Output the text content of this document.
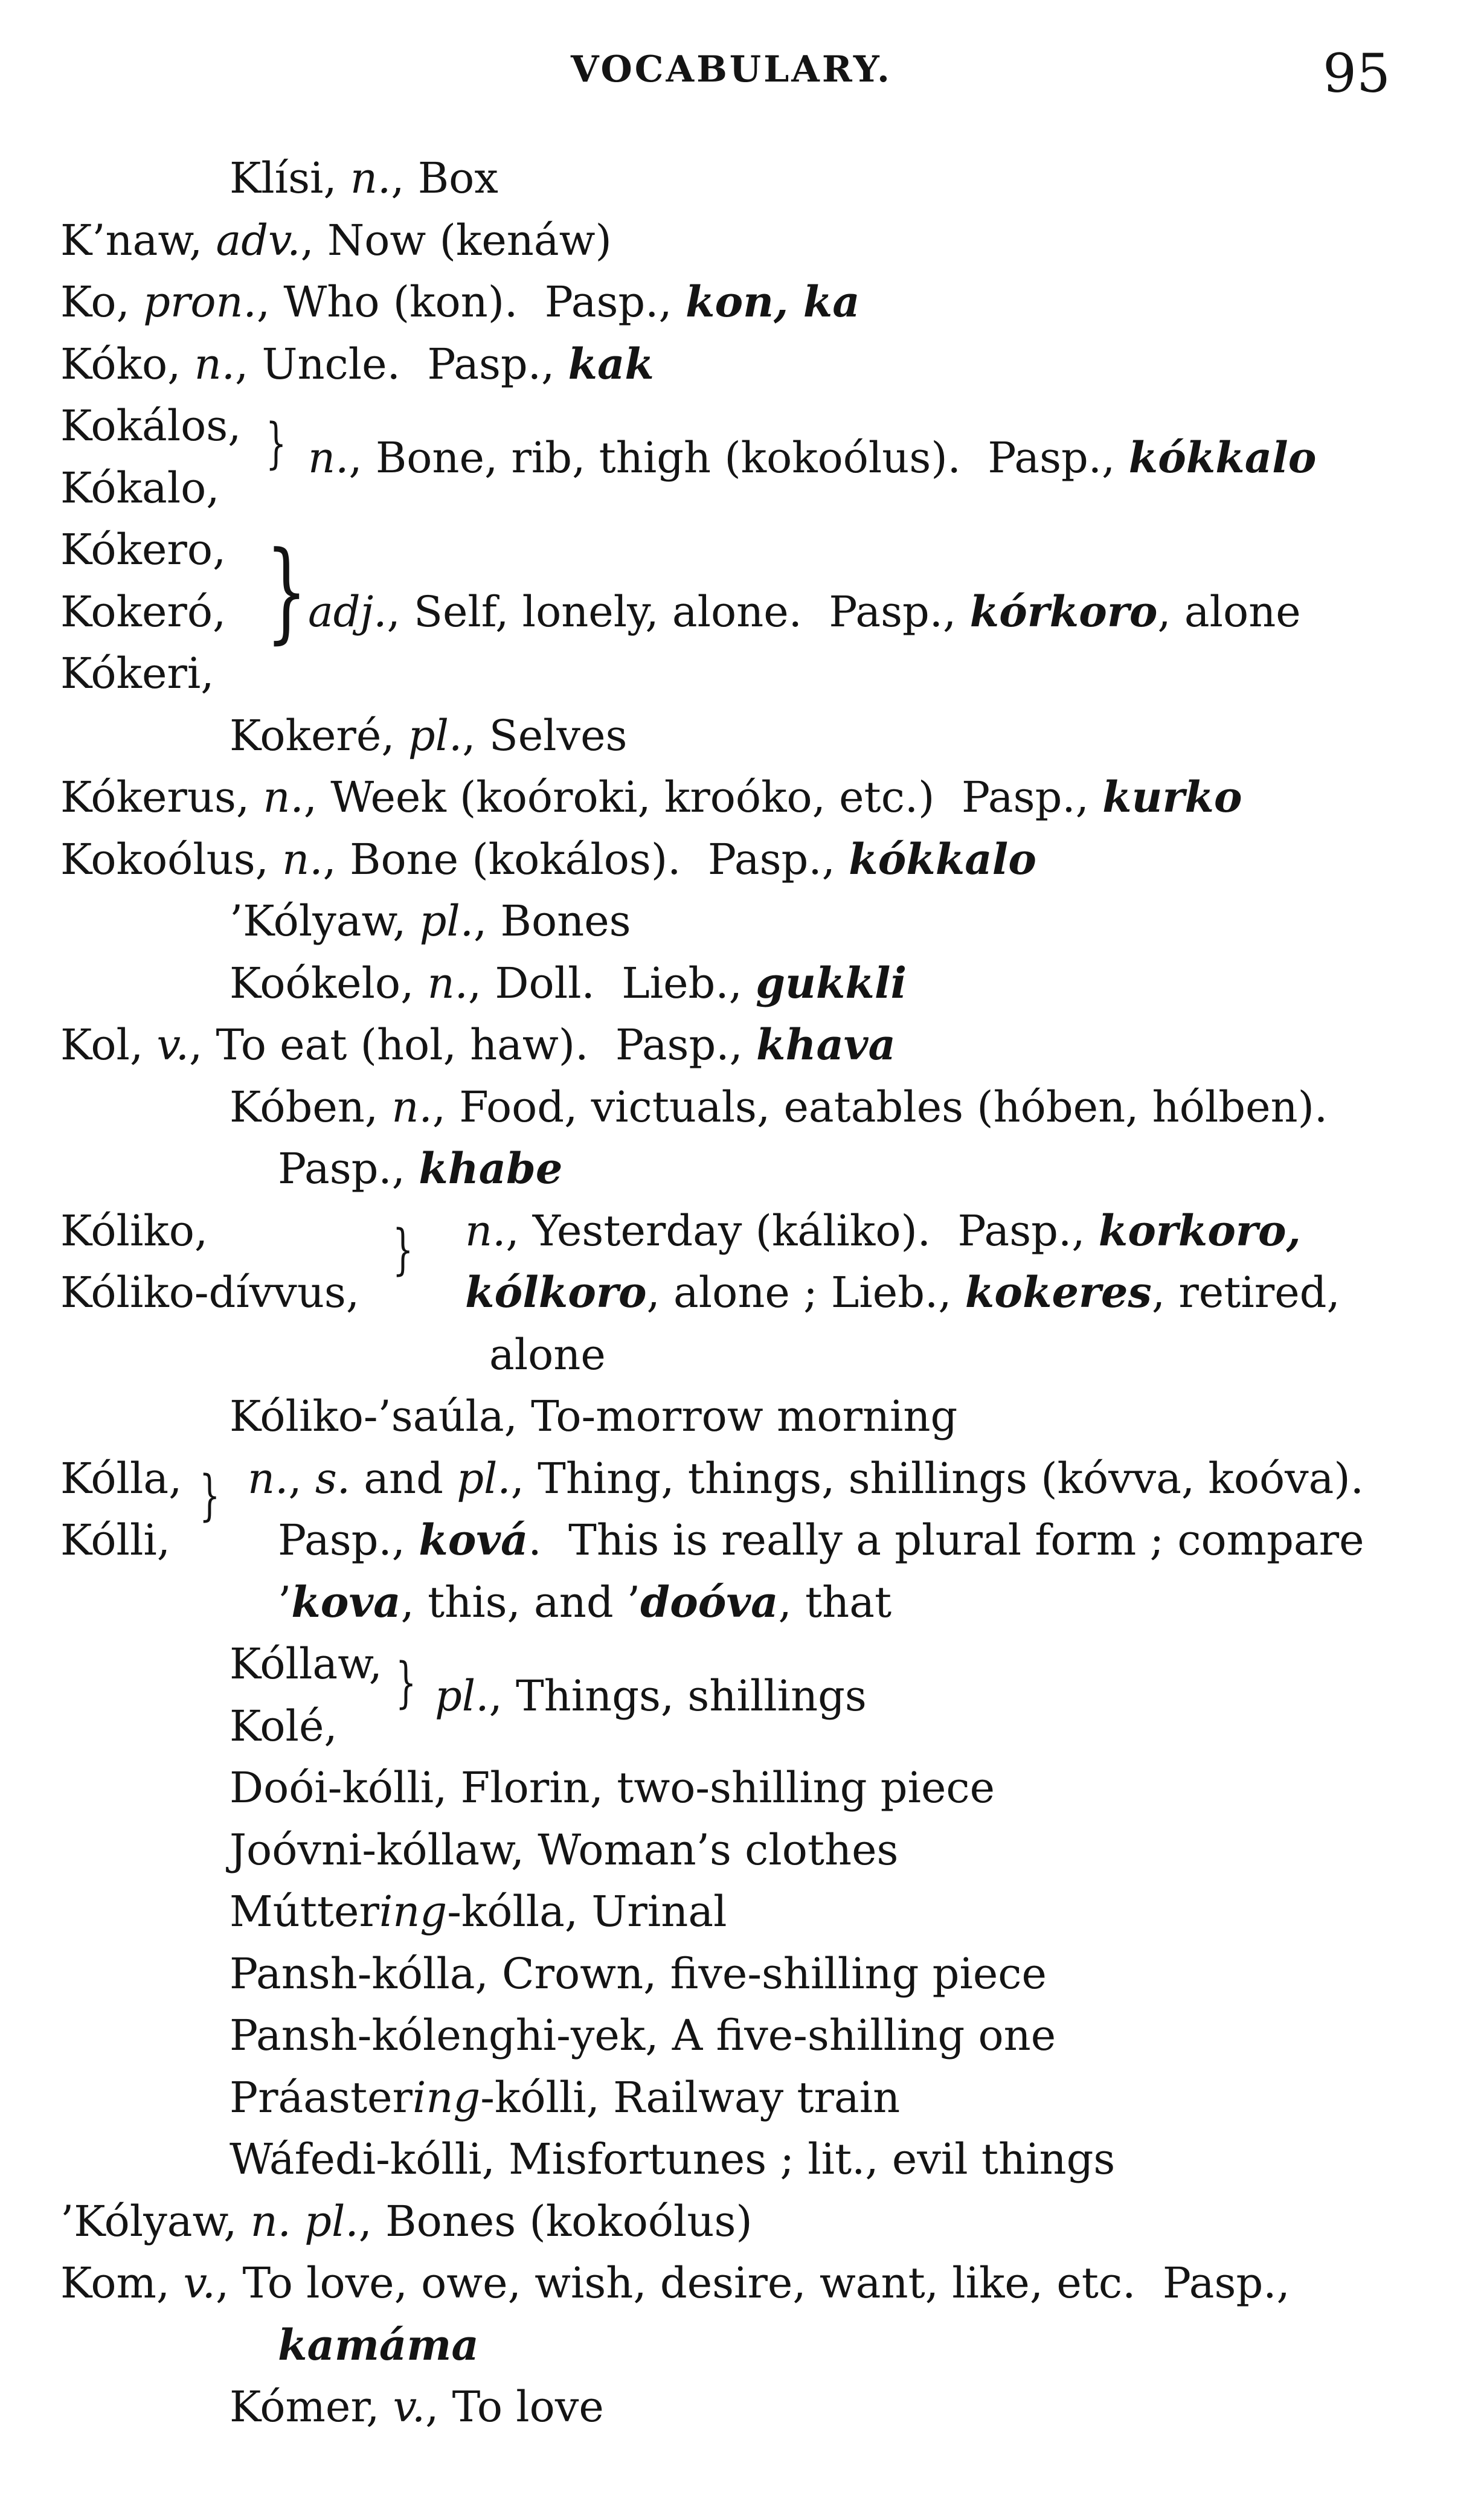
VOCABULARY.	95
Klísi, n., Box
K’naw, adv., Now (kenáw)
Ko, pron., Who (kon).  Pasp., kon, ka
Kóko, n., Uncle.  Pasp., kak
Kokálos,
Kókalo,
} n., Bone, rib, thigh (kokoólus).  Pasp., kókkalo
Kókero,
Kokeró,
Kókeri,
} adj., Self, lonely, alone.  Pasp., kórkoro, alone
Kokeré, pl., Selves
Kókerus, n., Week (koóroki, kroóko, etc.)  Pasp., kurko
Kokoólus, n., Bone (kokálos).  Pasp., kókkalo
’Kólyaw, pl., Bones
Koókelo, n., Doll.  Lieb., gukkli
Kol, v., To eat (hol, haw).  Pasp., khava
Kóben, n., Food, victuals, eatables (hóben, hólben).
Pasp., khabe
Kóliko,
Kóliko-dívvus,
} n., Yesterday (káliko).  Pasp., korkoro,
kólkoro, alone ; Lieb., kokeres, retired,
alone
Kóliko-’saúla, To-morrow morning
Kólla,
Kólli,
} n., s. and pl., Thing, things, shillings (kóvva, koóva).
Pasp., ková.  This is really a plural form ; compare
’kova, this, and ’doóva, that
Kóllaw,
Kolé,
} pl., Things, shillings
Doói-kólli, Florin, two-shilling piece
Joóvni-kóllaw, Woman’s clothes
Múttering-kólla, Urinal
Pansh-kólla, Crown, five-shilling piece
Pansh-kólenghi-yek, A five-shilling one
Práastering-kólli, Railway train
Wáfedi-kólli, Misfortunes ; lit., evil things
’Kólyaw, n. pl., Bones (kokoólus)
Kom, v., To love, owe, wish, desire, want, like, etc.  Pasp.,
kamáma
Kómer, v., To love
